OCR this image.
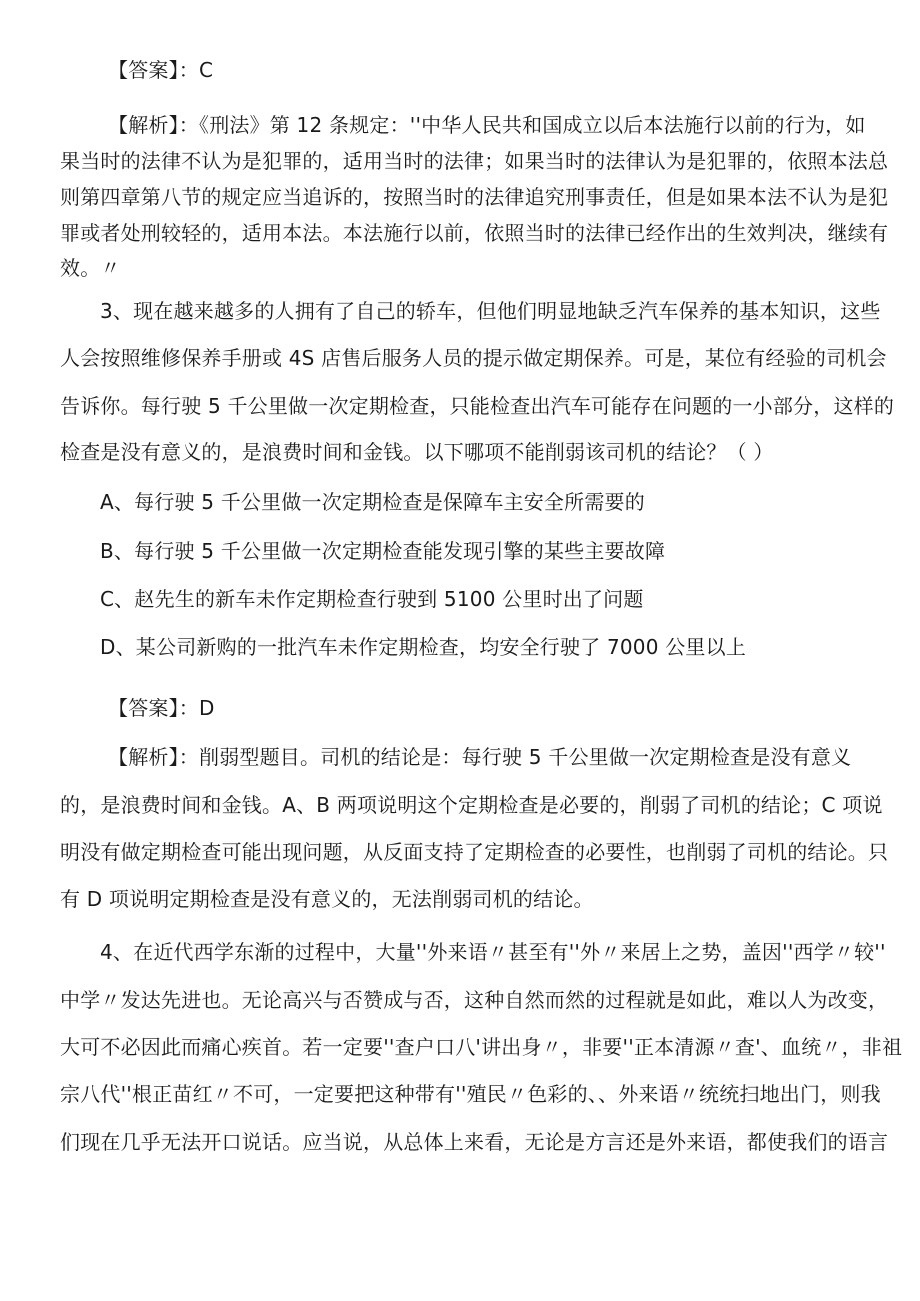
【答案】：C
【解析】：《刑法》第 12 条规定：''中华人民共和国成立以后本法施行以前的行为，如
果当时的法律不认为是犯罪的，适用当时的法律；如果当时的法律认为是犯罪的，依照本法总
则第四章第八节的规定应当追诉的，按照当时的法律追究刑事责任，但是如果本法不认为是犯
罪或者处刑较轻的，适用本法。本法施行以前，依照当时的法律已经作出的生效判决，继续有
效。〃
3、现在越来越多的人拥有了自己的轿车，但他们明显地缺乏汽车保养的基本知识，这些
人会按照维修保养手册或 4S 店售后服务人员的提示做定期保养。可是，某位有经验的司机会
告诉你。每行驶 5 千公里做一次定期检查，只能检查出汽车可能存在问题的一小部分，这样的
检查是没有意义的，是浪费时间和金钱。以下哪项不能削弱该司机的结论？（ ）
A、每行驶 5 千公里做一次定期检查是保障车主安全所需要的
B、每行驶 5 千公里做一次定期检查能发现引擎的某些主要故障
C、赵先生的新车未作定期检查行驶到 5100 公里时出了问题
D、某公司新购的一批汽车未作定期检查，均安全行驶了 7000 公里以上
【答案】：D
【解析】：削弱型题目。司机的结论是：每行驶 5 千公里做一次定期检查是没有意义
的，是浪费时间和金钱。A、B 两项说明这个定期检查是必要的，削弱了司机的结论；C 项说
明没有做定期检查可能出现问题，从反面支持了定期检查的必要性，也削弱了司机的结论。只
有 D 项说明定期检查是没有意义的，无法削弱司机的结论。
4、在近代西学东渐的过程中，大量''外来语〃甚至有''外〃来居上之势，盖因''西学〃较''
中学〃发达先进也。无论高兴与否赞成与否，这种自然而然的过程就是如此，难以人为改变，
大可不必因此而痛心疾首。若一定要''查户口八'讲出身〃，非要''正本清源〃查'、血统〃，非祖
宗八代''根正苗红〃不可，一定要把这种带有''殖民〃色彩的、、外来语〃统统扫地出门，则我
们现在几乎无法开口说话。应当说，从总体上来看，无论是方言还是外来语，都使我们的语言
